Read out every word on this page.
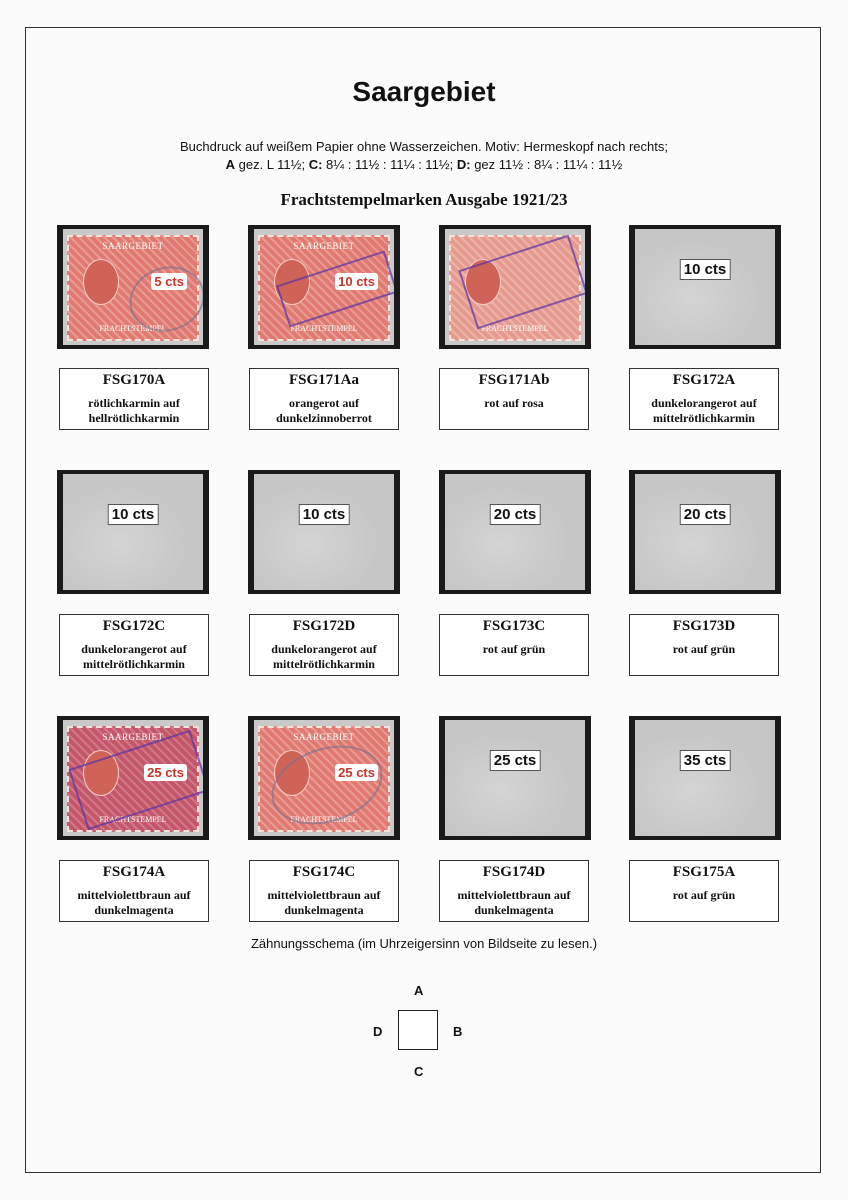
Saargebiet
Buchdruck auf weißem Papier ohne Wasserzeichen. Motiv: Hermeskopf nach rechts;
A gez. L 11½; C: 8¼ : 11½ : 11¼ : 11½; D: gez 11½ : 8¼ : 11¼ : 11½
Frachtstempelmarken Ausgabe 1921/23
SAARGEBIET
5 cts
FRACHTSTEMPEL
SAARGEBIET
10 cts
FRACHTSTEMPEL	FRACHTSTEMPEL
10 cts
FSG170A
rötlichkarmin auf
hellrötlichkarmin
FSG171Aa
orangerot auf
dunkelzinnoberrot
FSG171Ab
rot auf rosa
FSG172A
dunkelorangerot auf
mittelrötlichkarmin
10 cts	10 cts	20 cts	20 cts
FSG172C
dunkelorangerot auf
mittelrötlichkarmin
FSG172D
dunkelorangerot auf
mittelrötlichkarmin
FSG173C
rot auf grün
FSG173D
rot auf grün
SAARGEBIET
25 cts
FRACHTSTEMPEL
SAARGEBIET
25 cts
FRACHTSTEMPEL
25 cts	35 cts
FSG174A
mittelviolettbraun auf
dunkelmagenta
FSG174C
mittelviolettbraun auf
dunkelmagenta
FSG174D
mittelviolettbraun auf
dunkelmagenta
FSG175A
rot auf grün
Zähnungsschema (im Uhrzeigersinn von Bildseite zu lesen.)
A
B
C
D
